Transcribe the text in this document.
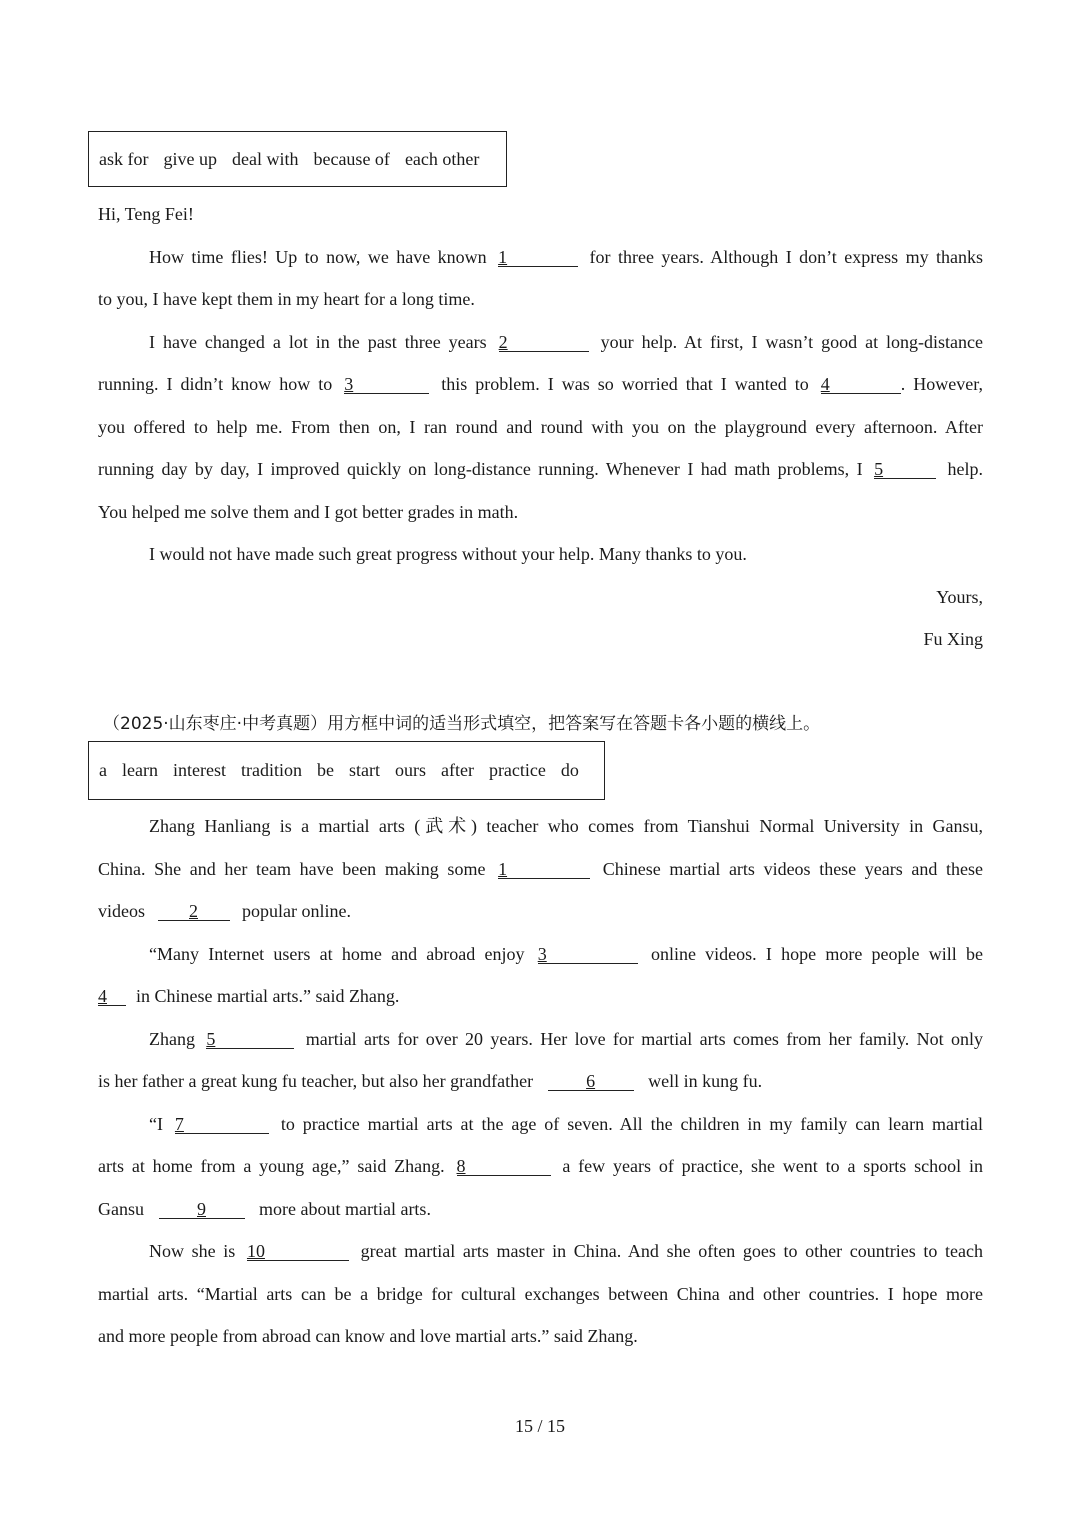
ask for give up deal with because of each other
Hi, Teng Fei!
How time flies! Up to now, we have known 1	for three years. Although I don’t express my thanks
to you, I have kept them in my heart for a long time.
I have changed a lot in the past three years 2	your help. At first, I wasn’t good at long-distance
running. I didn’t know how to 3	this problem. I was so worried that I wanted to 4	. However,
you offered to help me. From then on, I ran round and round with you on the playground every afternoon. After
running day by day, I improved quickly on long-distance running. Whenever I had math problems, I 5	help.
You helped me solve them and I got better grades in math.
I would not have made such great progress without your help. Many thanks to you.
Yours,
Fu Xing
（2025·山东枣庄·中考真题）用方框中词的适当形式填空，把答案写在答题卡各小题的横线上。
a learn interest tradition be start ours after practice do
Zhang Hanliang is a martial arts (武术) teacher who comes from Tianshui Normal University in Gansu,
China. She and her team have been making some 1	Chinese martial arts videos these years and these
videos 2 popular online.
“Many Internet users at home and abroad enjoy 3	online videos. I hope more people will be
4 in Chinese martial arts.” said Zhang.
Zhang 5	martial arts for over 20 years. Her love for martial arts comes from her family. Not only
is her father a great kung fu teacher, but also her grandfather	6	well in kung fu.
“I 7	to practice martial arts at the age of seven. All the children in my family can learn martial
arts at home from a young age,” said Zhang. 8	a few years of practice, she went to a sports school in
Gansu	9	more about martial arts.
Now she is 10	great martial arts master in China. And she often goes to other countries to teach
martial arts. “Martial arts can be a bridge for cultural exchanges between China and other countries. I hope more
and more people from abroad can know and love martial arts.” said Zhang.
15 / 15
